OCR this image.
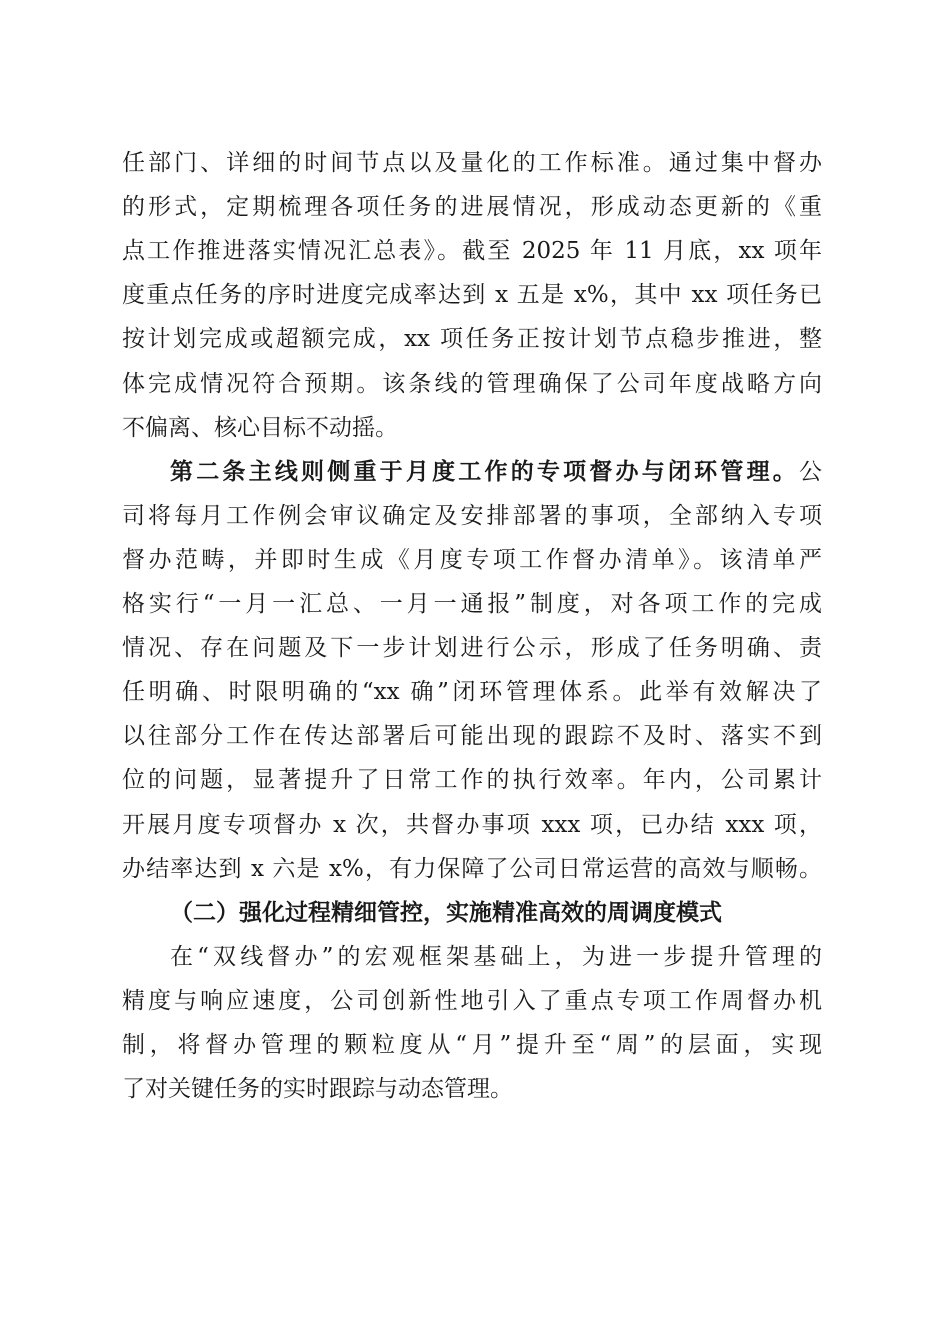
任部门、详细的时间节点以及量化的工作标准。通过集中督办
的形式，定期梳理各项任务的进展情况，形成动态更新的《重
点工作推进落实情况汇总表》。截至 2025 年 11 月底，xx 项年
度重点任务的序时进度完成率达到 x 五是 x%，其中 xx 项任务已
按计划完成或超额完成，xx 项任务正按计划节点稳步推进，整
体完成情况符合预期。该条线的管理确保了公司年度战略方向
不偏离、核心目标不动摇。
第二条主线则侧重于月度工作的专项督办与闭环管理。公
司将每月工作例会审议确定及安排部署的事项，全部纳入专项
督办范畴，并即时生成《月度专项工作督办清单》。该清单严
格实行“一月一汇总、一月一通报”制度，对各项工作的完成
情况、存在问题及下一步计划进行公示，形成了任务明确、责
任明确、时限明确的“xx 确”闭环管理体系。此举有效解决了
以往部分工作在传达部署后可能出现的跟踪不及时、落实不到
位的问题，显著提升了日常工作的执行效率。年内，公司累计
开展月度专项督办 x 次，共督办事项 xxx 项，已办结 xxx 项，
办结率达到 x 六是 x%，有力保障了公司日常运营的高效与顺畅。
（二）强化过程精细管控，实施精准高效的周调度模式
在“双线督办”的宏观框架基础上，为进一步提升管理的
精度与响应速度，公司创新性地引入了重点专项工作周督办机
制，将督办管理的颗粒度从“月”提升至“周”的层面，实现
了对关键任务的实时跟踪与动态管理。
